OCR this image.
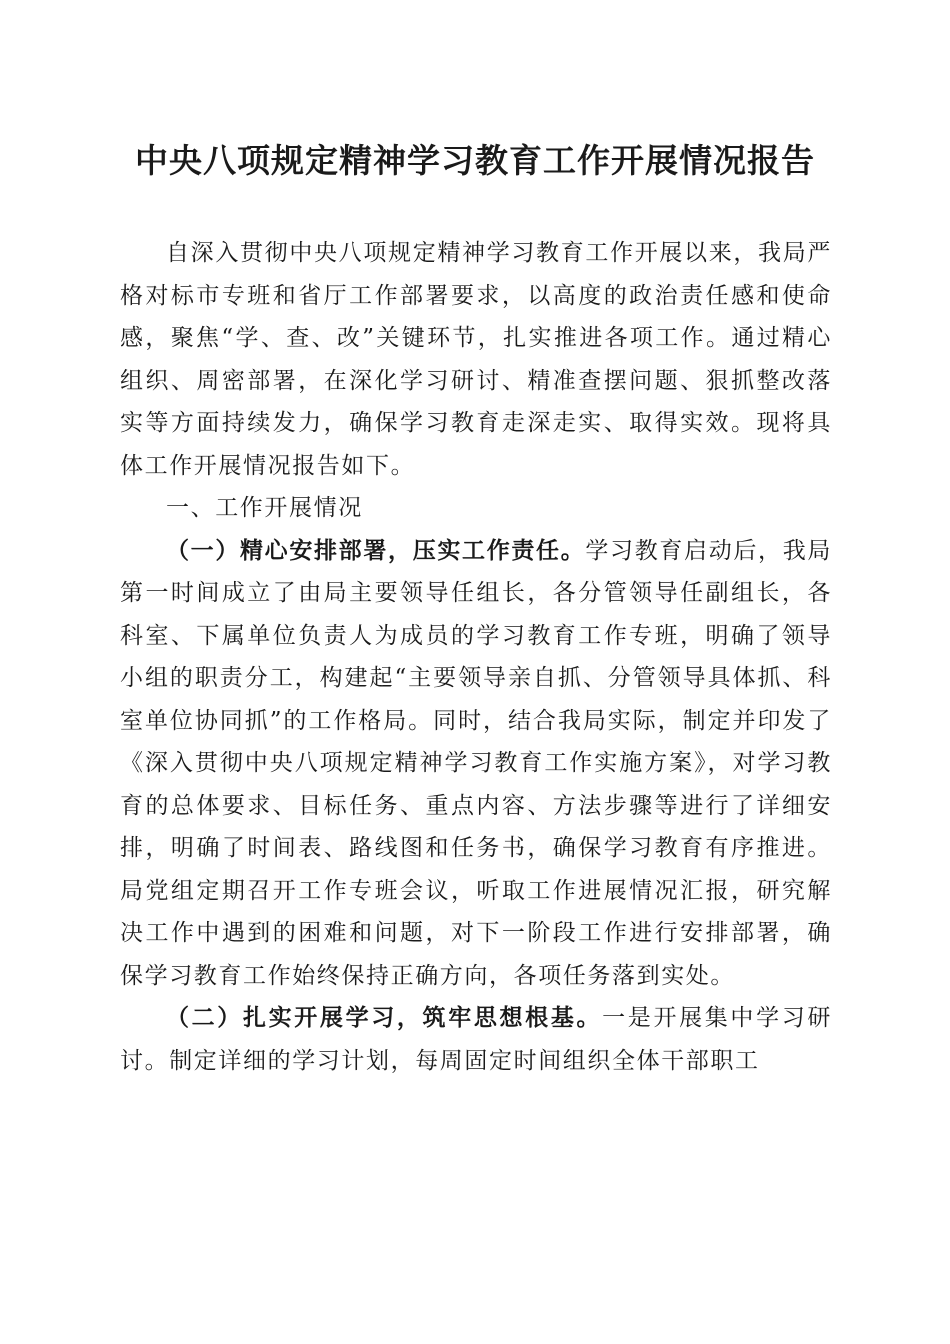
中央八项规定精神学习教育工作开展情况报告

自深入贯彻中央八项规定精神学习教育工作开展以来，我局严格对标市专班和省厅工作部署要求，以高度的政治责任感和使命感，聚焦“学、查、改”关键环节，扎实推进各项工作。通过精心组织、周密部署，在深化学习研讨、精准查摆问题、狠抓整改落实等方面持续发力，确保学习教育走深走实、取得实效。现将具体工作开展情况报告如下。

一、工作开展情况

（一）精心安排部署，压实工作责任。学习教育启动后，我局第一时间成立了由局主要领导任组长，各分管领导任副组长，各科室、下属单位负责人为成员的学习教育工作专班，明确了领导小组的职责分工，构建起“主要领导亲自抓、分管领导具体抓、科室单位协同抓”的工作格局。同时，结合我局实际，制定并印发了《深入贯彻中央八项规定精神学习教育工作实施方案》，对学习教育的总体要求、目标任务、重点内容、方法步骤等进行了详细安排，明确了时间表、路线图和任务书，确保学习教育有序推进。局党组定期召开工作专班会议，听取工作进展情况汇报，研究解决工作中遇到的困难和问题，对下一阶段工作进行安排部署，确保学习教育工作始终保持正确方向，各项任务落到实处。

（二）扎实开展学习，筑牢思想根基。一是开展集中学习研讨。制定详细的学习计划，每周固定时间组织全体干部职工
